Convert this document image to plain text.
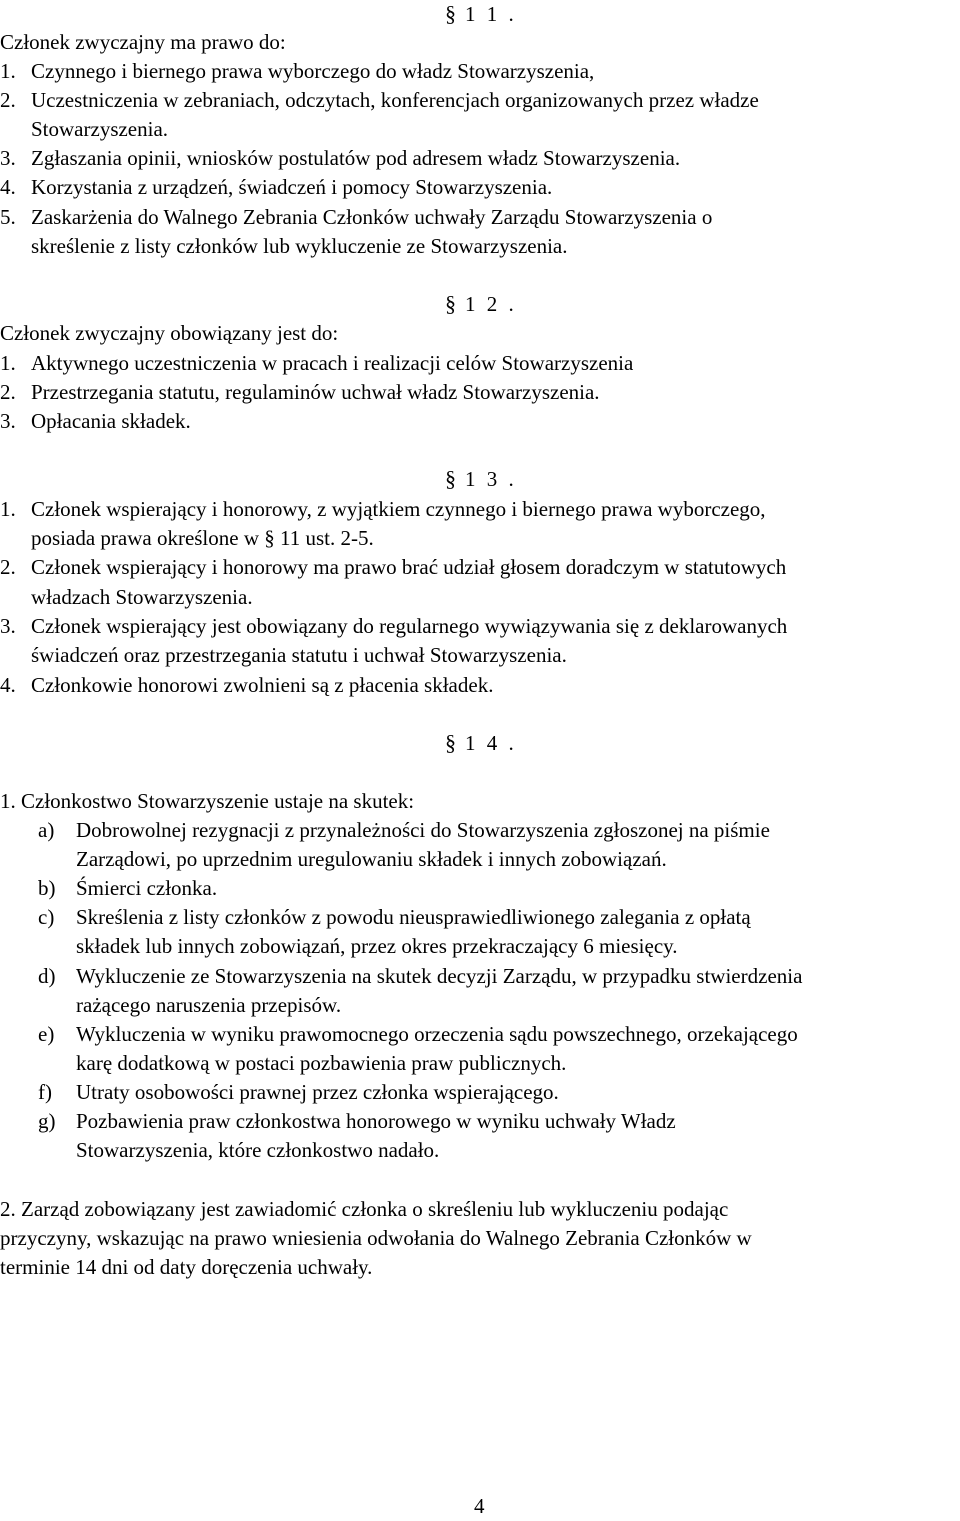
§ 1 1 .
Członek zwyczajny ma prawo do:
1. Czynnego i biernego prawa wyborczego do władz Stowarzyszenia,
2. Uczestniczenia w zebraniach, odczytach, konferencjach organizowanych przez władze
Stowarzyszenia.
3. Zgłaszania opinii, wniosków postulatów pod adresem władz Stowarzyszenia.
4. Korzystania z urządzeń, świadczeń i pomocy Stowarzyszenia.
5. Zaskarżenia do Walnego Zebrania Członków uchwały Zarządu Stowarzyszenia o
skreślenie z listy członków lub wykluczenie ze Stowarzyszenia.
§ 1 2 .
Członek zwyczajny obowiązany jest do:
1. Aktywnego uczestniczenia w pracach i realizacji celów Stowarzyszenia
2. Przestrzegania statutu, regulaminów uchwał władz Stowarzyszenia.
3. Opłacania składek.
§ 1 3 .
1. Członek wspierający i honorowy, z wyjątkiem czynnego i biernego prawa wyborczego,
posiada prawa określone w § 11 ust. 2-5.
2. Członek wspierający i honorowy ma prawo brać udział głosem doradczym w statutowych
władzach Stowarzyszenia.
3. Członek wspierający jest obowiązany do regularnego wywiązywania się z deklarowanych
świadczeń oraz przestrzegania statutu i uchwał Stowarzyszenia.
4. Członkowie honorowi zwolnieni są z płacenia składek.
§ 1 4 .
1. Członkostwo Stowarzyszenie ustaje na skutek:
a) Dobrowolnej rezygnacji z przynależności do Stowarzyszenia zgłoszonej na piśmie
Zarządowi, po uprzednim uregulowaniu składek i innych zobowiązań.
b) Śmierci członka.
c) Skreślenia z listy członków z powodu nieusprawiedliwionego zalegania z opłatą
składek lub innych zobowiązań, przez okres przekraczający 6 miesięcy.
d) Wykluczenie ze Stowarzyszenia na skutek decyzji Zarządu, w przypadku stwierdzenia
rażącego naruszenia przepisów.
e) Wykluczenia w wyniku prawomocnego orzeczenia sądu powszechnego, orzekającego
karę dodatkową w postaci pozbawienia praw publicznych.
f) Utraty osobowości prawnej przez członka wspierającego.
g) Pozbawienia praw członkostwa honorowego w wyniku uchwały Władz
Stowarzyszenia, które członkostwo nadało.
2. Zarząd zobowiązany jest zawiadomić członka o skreśleniu lub wykluczeniu podając
przyczyny, wskazując na prawo wniesienia odwołania do Walnego Zebrania Członków w
terminie 14 dni od daty doręczenia uchwały.
4
